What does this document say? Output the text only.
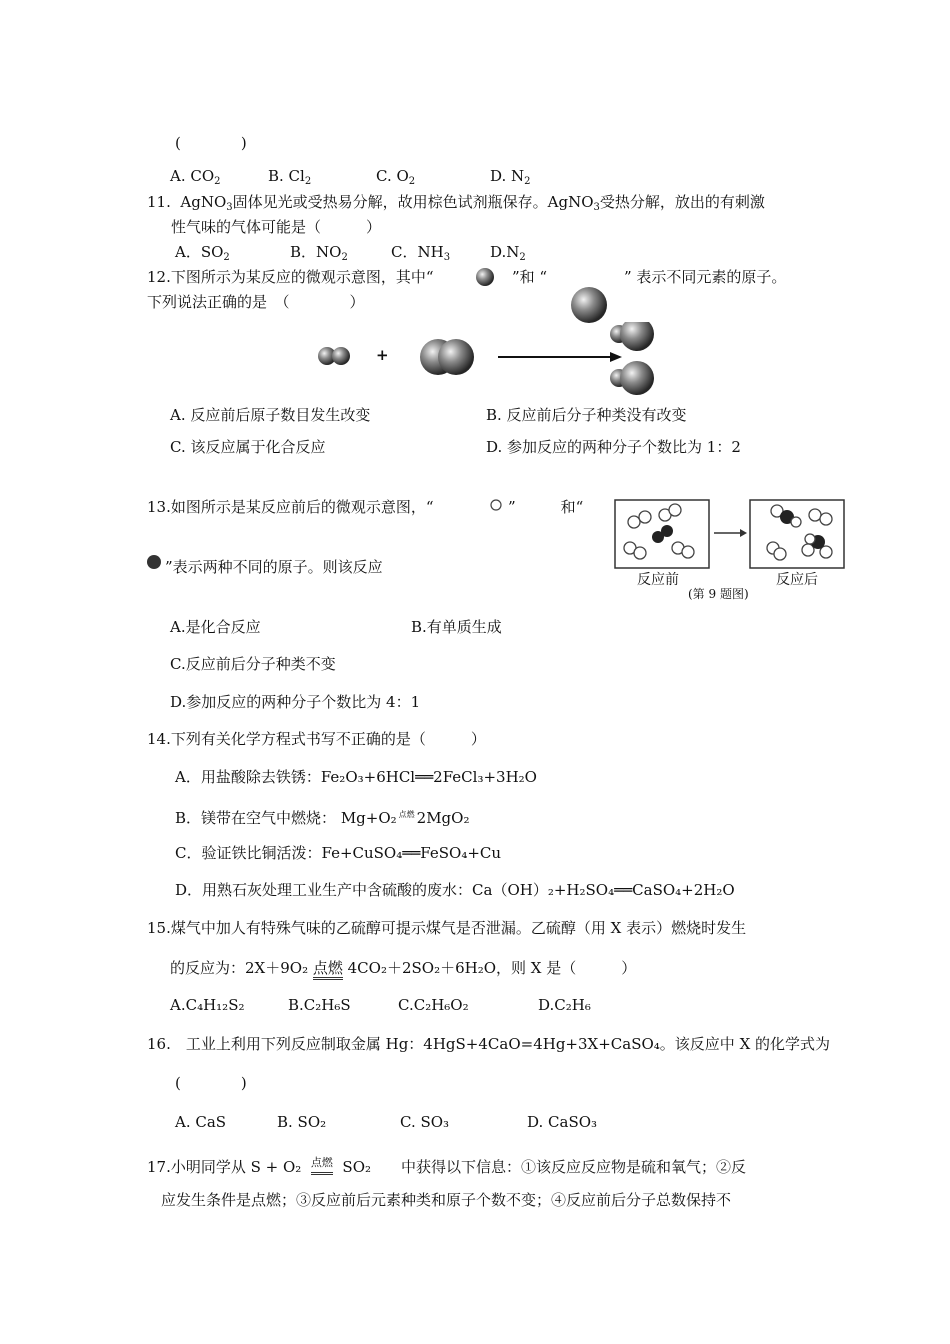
(　　　　)
A. $CO_2$	B. $Cl_2$	C. $O_2$	D. $N_2$
11. AgNO$_3$固体见光或受热易分解，故用棕色试剂瓶保存。AgNO$_3$受热分解，放出的有刺激
性气味的气体可能是（　　　）
A．$SO_2$	B．$NO_2$	C．$NH_3$	$D.N_2$
12.下图所示为某反应的微观示意图，其中“	”和 “	” 表示不同元素的原子。
下列说法正确的是　（　　　　）
+
A. 反应前后原子数目发生改变	B. 反应前后分子种类没有改变
C. 该反应属于化合反应	D. 参加反应的两种分子个数比为 1：2
13.如图所示是某反应前后的微观示意图，“	”　　　和“
”表示两种不同的原子。则该反应
反应前	反应后
(第 9 题图)
A.是化合反应	B.有单质生成
C.反应前后分子种类不变
D.参加反应的两种分子个数比为 4：1
14.下列有关化学方程式书写不正确的是（　　　）
A．用盐酸除去铁锈：Fe₂O₃+6HCl══2FeCl₃+3H₂O
B．镁带在空气中燃烧： Mg+O₂ $^{点燃}$ 2MgO₂
C．验证铁比铜活泼：Fe+CuSO₄══FeSO₄+Cu
D．用熟石灰处理工业生产中含硫酸的废水：Ca（OH）₂+H₂SO₄══CaSO₄+2H₂O
15.煤气中加人有特殊气味的乙硫醇可提示煤气是否泄漏。乙硫醇（用 X 表示）燃烧时发生
的反应为：2X＋9O₂ 点燃 4CO₂＋2SO₂＋6H₂O，则 X 是（　　　）
A.C₄H₁₂S₂	B.C₂H₆S	C.C₂H₆O₂	D.C₂H₆
16.　工业上利用下列反应制取金属 Hg：4HgS+4CaO=4Hg+3X+CaSO₄。该反应中 X 的化学式为
(　　　　)
A. CaS	B. SO₂	C. SO₃	D. CaSO₃
17.小明同学从 S + O₂ 点燃 SO₂　　中获得以下信息：①该反应反应物是硫和氧气；②反
应发生条件是点燃；③反应前后元素种类和原子个数不变；④反应前后分子总数保持不
